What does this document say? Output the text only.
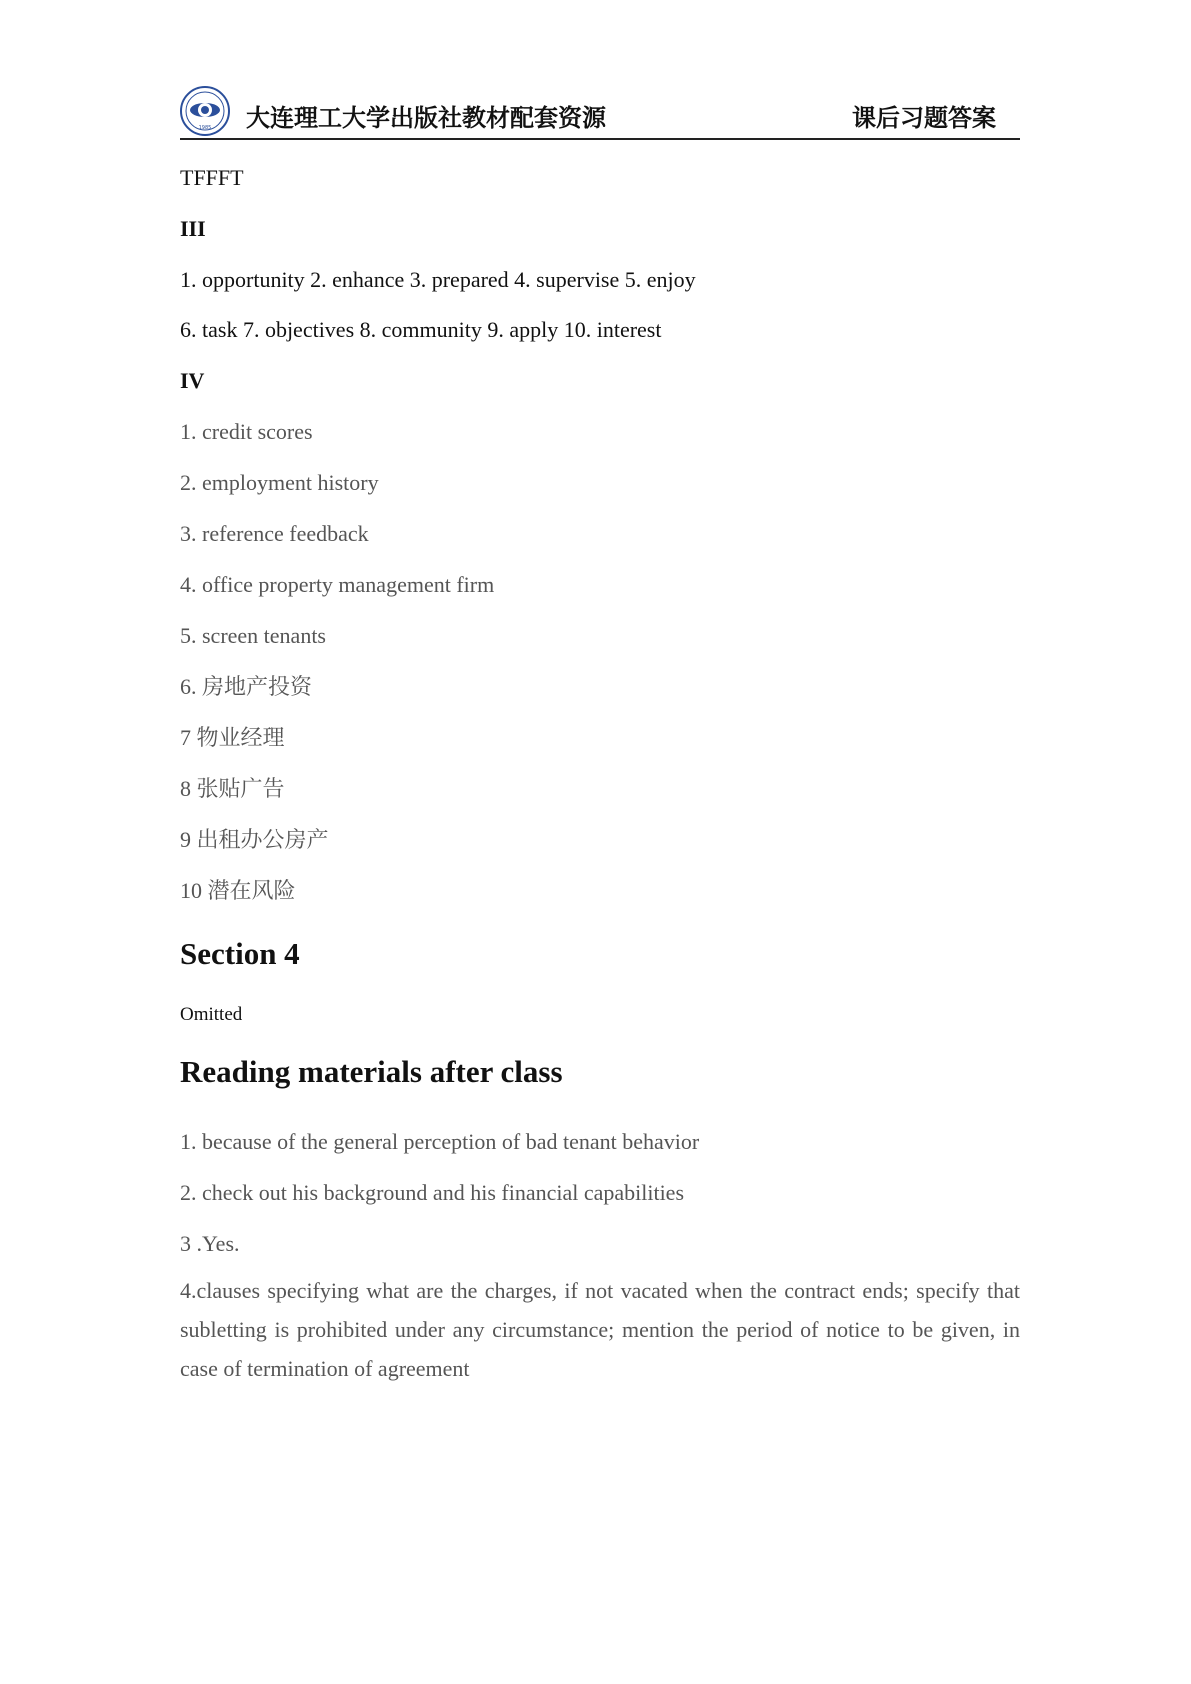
1985 大连理工大学出版社教材配套资源	课后习题答案
TFFFT
III
1. opportunity 2. enhance 3. prepared 4. supervise 5. enjoy
6. task 7. objectives 8. community 9. apply 10. interest
IV
1. credit scores
2. employment history
3. reference feedback
4. office property management firm
5. screen tenants
6. 房地产投资
7 物业经理
8 张贴广告
9 出租办公房产
10 潜在风险
Section 4
Omitted
Reading materials after class
1. because of the general perception of bad tenant behavior
2. check out his background and his financial capabilities
3 .Yes.
4.clauses specifying what are the charges, if not vacated when the contract ends; specify that subletting is prohibited under any circumstance; mention the period of notice to be given, in case of termination of agreement
